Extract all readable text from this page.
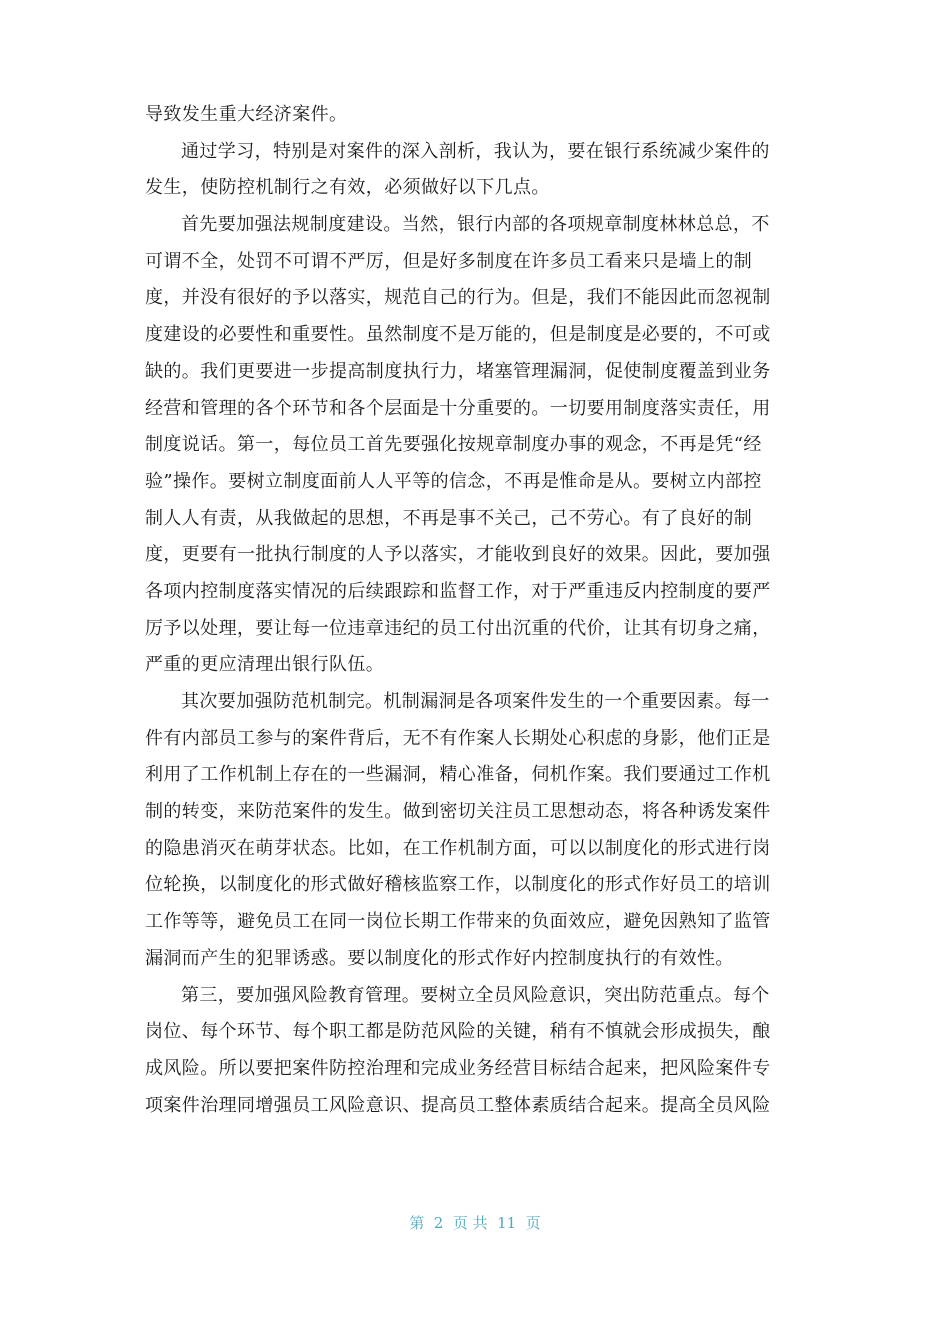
导致发生重大经济案件。
通过学习，特别是对案件的深入剖析，我认为，要在银行系统减少案件的
发生，使防控机制行之有效，必须做好以下几点。
首先要加强法规制度建设。当然，银行内部的各项规章制度林林总总，不
可谓不全，处罚不可谓不严厉，但是好多制度在许多员工看来只是墙上的制
度，并没有很好的予以落实，规范自己的行为。但是，我们不能因此而忽视制
度建设的必要性和重要性。虽然制度不是万能的，但是制度是必要的，不可或
缺的。我们更要进一步提高制度执行力，堵塞管理漏洞，促使制度覆盖到业务
经营和管理的各个环节和各个层面是十分重要的。一切要用制度落实责任，用
制度说话。第一，每位员工首先要强化按规章制度办事的观念，不再是凭“经
验”操作。要树立制度面前人人平等的信念，不再是惟命是从。要树立内部控
制人人有责，从我做起的思想，不再是事不关己，己不劳心。有了良好的制
度，更要有一批执行制度的人予以落实，才能收到良好的效果。因此，要加强
各项内控制度落实情况的后续跟踪和监督工作，对于严重违反内控制度的要严
厉予以处理，要让每一位违章违纪的员工付出沉重的代价，让其有切身之痛，
严重的更应清理出银行队伍。
其次要加强防范机制完。机制漏洞是各项案件发生的一个重要因素。每一
件有内部员工参与的案件背后，无不有作案人长期处心积虑的身影，他们正是
利用了工作机制上存在的一些漏洞，精心准备，伺机作案。我们要通过工作机
制的转变，来防范案件的发生。做到密切关注员工思想动态，将各种诱发案件
的隐患消灭在萌芽状态。比如，在工作机制方面，可以以制度化的形式进行岗
位轮换，以制度化的形式做好稽核监察工作，以制度化的形式作好员工的培训
工作等等，避免员工在同一岗位长期工作带来的负面效应，避免因熟知了监管
漏洞而产生的犯罪诱惑。要以制度化的形式作好内控制度执行的有效性。
第三，要加强风险教育管理。要树立全员风险意识，突出防范重点。每个
岗位、每个环节、每个职工都是防范风险的关键，稍有不慎就会形成损失，酿
成风险。所以要把案件防控治理和完成业务经营目标结合起来，把风险案件专
项案件治理同增强员工风险意识、提高员工整体素质结合起来。提高全员风险
第  2  页 共  11  页
